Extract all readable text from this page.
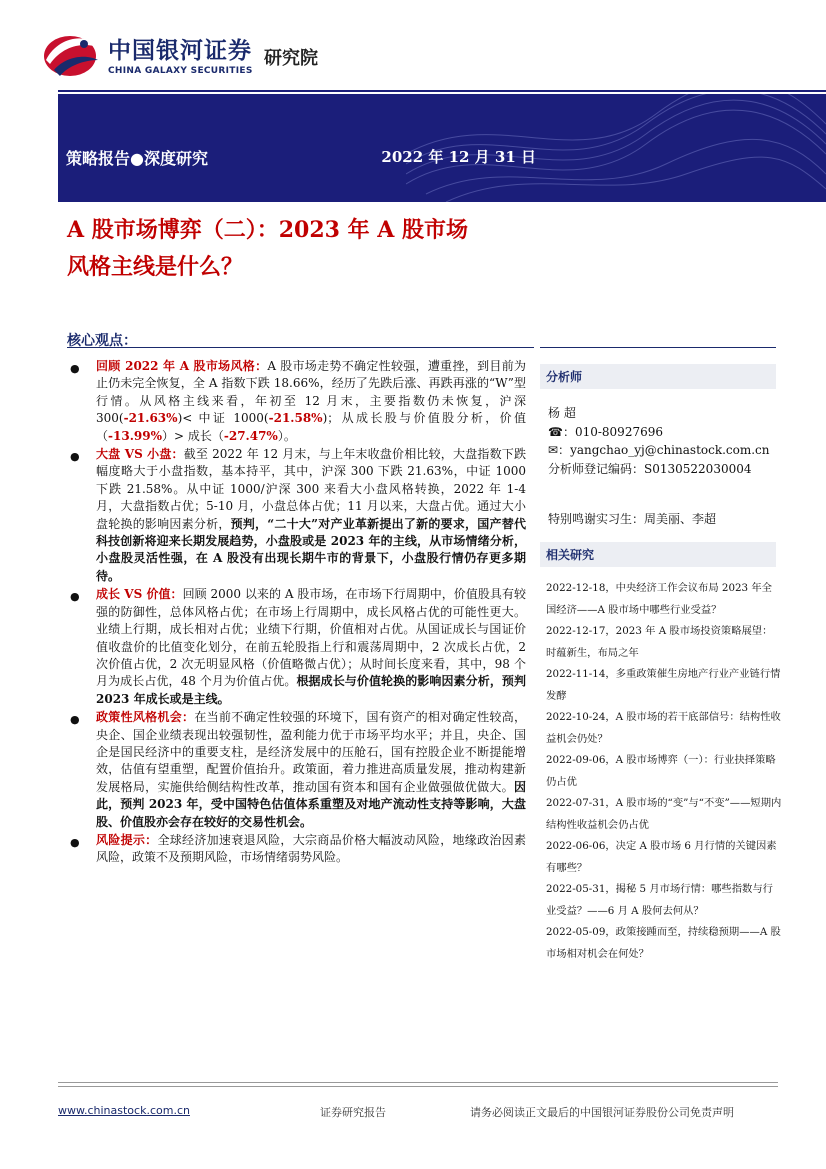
中国银河证券
CHINA GALAXY SECURITIES
研究院
策略报告●深度研究	2022 年 12 月 31 日
A 股市场博弈（二）：2023 年 A 股市场
风格主线是什么？
核心观点：
● 回顾 2022 年 A 股市场风格：A 股市场走势不确定性较强，遭重挫，到目前为止仍未完全恢复，全 A 指数下跌 18.66%，经历了先跌后涨、再跌再涨的“W”型行情。从风格主线来看，年初至 12 月末，主要指数仍未恢复，沪深 300(-21.63%)< 中证 1000(-21.58%)；从成长股与价值股分析，价值（-13.99%）> 成长（-27.47%）。
● 大盘 VS 小盘：截至 2022 年 12 月末，与上年末收盘价相比较，大盘指数下跌幅度略大于小盘指数，基本持平，其中，沪深 300 下跌 21.63%，中证 1000 下跌 21.58%。从中证 1000/沪深 300 来看大小盘风格转换，2022 年 1-4 月，大盘指数占优；5-10 月，小盘总体占优；11 月以来，大盘占优。通过大小盘轮换的影响因素分析，预判，“二十大”对产业革新提出了新的要求，国产替代科技创新将迎来长期发展趋势，小盘股或是 2023 年的主线，从市场情绪分析，小盘股灵活性强，在 A 股没有出现长期牛市的背景下，小盘股行情仍存更多期待。
● 成长 VS 价值：回顾 2000 以来的 A 股市场，在市场下行周期中，价值股具有较强的防御性，总体风格占优；在市场上行周期中，成长风格占优的可能性更大。业绩上行期，成长相对占优；业绩下行期，价值相对占优。从国证成长与国证价值收盘价的比值变化划分，在前五轮股指上行和震荡周期中，2 次成长占优，2 次价值占优，2 次无明显风格（价值略微占优）；从时间长度来看，其中，98 个月为成长占优，48 个月为价值占优。根据成长与价值轮换的影响因素分析，预判 2023 年成长或是主线。
● 政策性风格机会：在当前不确定性较强的环境下，国有资产的相对确定性较高，央企、国企业绩表现出较强韧性，盈利能力优于市场平均水平；并且，央企、国企是国民经济中的重要支柱，是经济发展中的压舱石，国有控股企业不断提能增效，估值有望重塑，配置价值抬升。政策面，着力推进高质量发展，推动构建新发展格局，实施供给侧结构性改革，推动国有资本和国有企业做强做优做大。因此，预判 2023 年，受中国特色估值体系重塑及对地产流动性支持等影响，大盘股、价值股亦会存在较好的交易性机会。
● 风险提示：全球经济加速衰退风险，大宗商品价格大幅波动风险，地缘政治因素风险，政策不及预期风险，市场情绪弱势风险。
分析师
杨 超
☎：010-80927696
✉：yangchao_yj@chinastock.com.cn
分析师登记编码：S0130522030004
特别鸣谢实习生：周美丽、李超
相关研究
2022-12-18，中央经济工作会议布局 2023 年全国经济——A 股市场中哪些行业受益？
2022-12-17，2023 年 A 股市场投资策略展望：时蕴新生，布局之年
2022-11-14，多重政策催生房地产行业产业链行情发酵
2022-10-24，A 股市场的若干底部信号：结构性收益机会仍处？
2022-09-06，A 股市场博弈（一）：行业抉择策略仍占优
2022-07-31，A 股市场的“变”与“不变”——短期内结构性收益机会仍占优
2022-06-06，决定 A 股市场 6 月行情的关键因素有哪些？
2022-05-31，揭秘 5 月市场行情：哪些指数与行业受益？——6 月 A 股何去何从？
2022-05-09，政策接踵而至，持续稳预期——A 股市场相对机会在何处？
www.chinastock.com.cn	证券研究报告	请务必阅读正文最后的中国银河证券股份公司免责声明
